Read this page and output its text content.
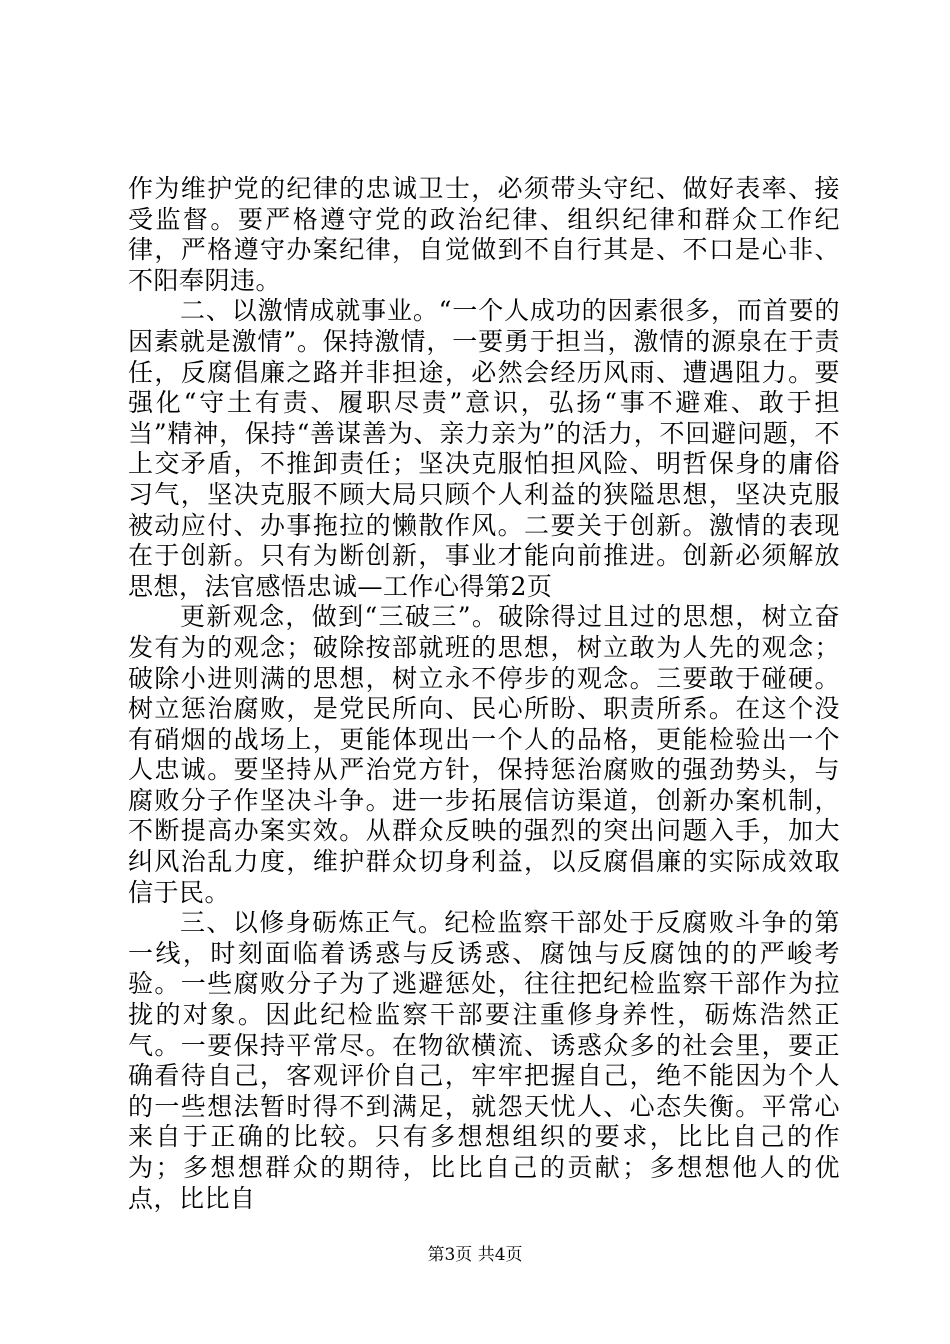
作为维护党的纪律的忠诚卫士，必须带头守纪、做好表率、接受监督。要严格遵守党的政治纪律、组织纪律和群众工作纪律，严格遵守办案纪律，自觉做到不自行其是、不口是心非、不阳奉阴违。

二、以激情成就事业。“一个人成功的因素很多，而首要的因素就是激情”。保持激情，一要勇于担当，激情的源泉在于责任，反腐倡廉之路并非担途，必然会经历风雨、遭遇阻力。要强化“守土有责、履职尽责”意识，弘扬“事不避难、敢于担当”精神，保持“善谋善为、亲力亲为”的活力，不回避问题，不上交矛盾，不推卸责任；坚决克服怕担风险、明哲保身的庸俗习气，坚决克服不顾大局只顾个人利益的狭隘思想，坚决克服被动应付、办事拖拉的懒散作风。二要关于创新。激情的表现在于创新。只有为断创新，事业才能向前推进。创新必须解放思想，法官感悟忠诚—工作心得第2页

更新观念，做到“三破三”。破除得过且过的思想，树立奋发有为的观念；破除按部就班的思想，树立敢为人先的观念；破除小进则满的思想，树立永不停步的观念。三要敢于碰硬。树立惩治腐败，是党民所向、民心所盼、职责所系。在这个没有硝烟的战场上，更能体现出一个人的品格，更能检验出一个人忠诚。要坚持从严治党方针，保持惩治腐败的强劲势头，与腐败分子作坚决斗争。进一步拓展信访渠道，创新办案机制，不断提高办案实效。从群众反映的强烈的突出问题入手，加大纠风治乱力度，维护群众切身利益，以反腐倡廉的实际成效取信于民。

三、以修身砺炼正气。纪检监察干部处于反腐败斗争的第一线，时刻面临着诱惑与反诱惑、腐蚀与反腐蚀的的严峻考验。一些腐败分子为了逃避惩处，往往把纪检监察干部作为拉拢的对象。因此纪检监察干部要注重修身养性，砺炼浩然正气。一要保持平常尽。在物欲横流、诱惑众多的社会里，要正确看待自己，客观评价自己，牢牢把握自己，绝不能因为个人的一些想法暂时得不到满足，就怨天忧人、心态失衡。平常心来自于正确的比较。只有多想想组织的要求，比比自己的作为；多想想群众的期待，比比自己的贡献；多想想他人的优点，比比自

第3页 共4页
